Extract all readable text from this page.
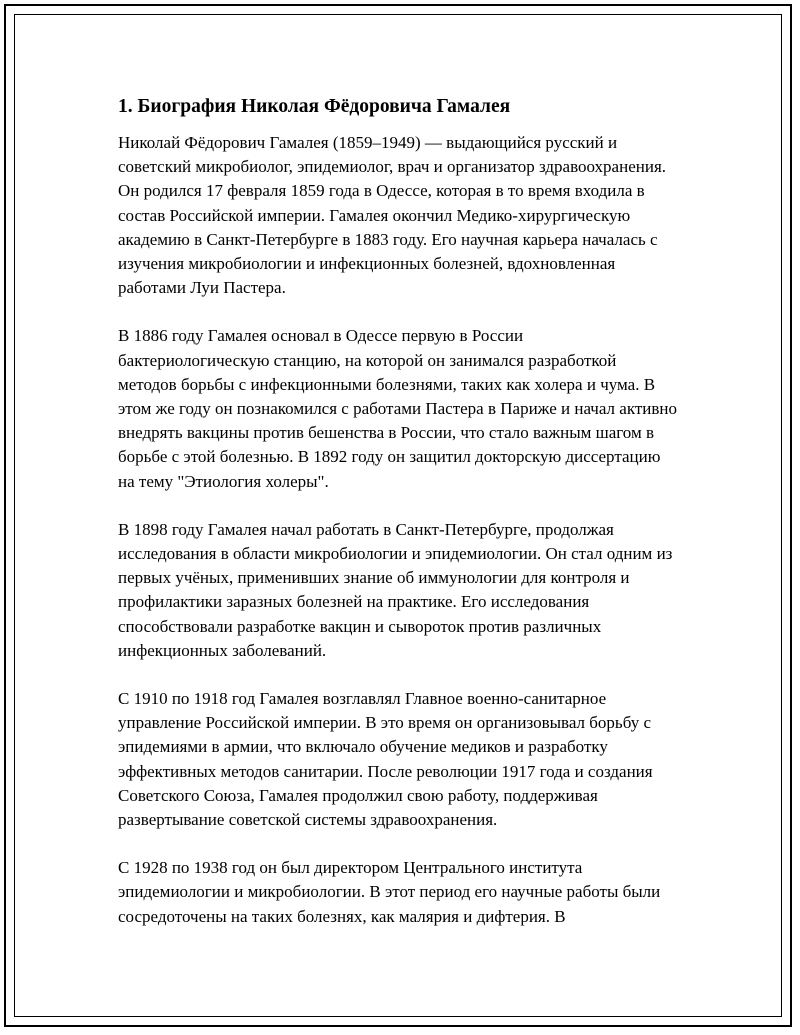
1. Биография Николая Фёдоровича Гамалея

Николай Фёдорович Гамалея (1859–1949) — выдающийся русский и советский микробиолог, эпидемиолог, врач и организатор здравоохранения. Он родился 17 февраля 1859 года в Одессе, которая в то время входила в состав Российской империи. Гамалея окончил Медико-хирургическую академию в Санкт-Петербурге в 1883 году. Его научная карьера началась с изучения микробиологии и инфекционных болезней, вдохновленная работами Луи Пастера.

В 1886 году Гамалея основал в Одессе первую в России бактериологическую станцию, на которой он занимался разработкой методов борьбы с инфекционными болезнями, таких как холера и чума. В этом же году он познакомился с работами Пастера в Париже и начал активно внедрять вакцины против бешенства в России, что стало важным шагом в борьбе с этой болезнью. В 1892 году он защитил докторскую диссертацию на тему "Этиология холеры".

В 1898 году Гамалея начал работать в Санкт-Петербурге, продолжая исследования в области микробиологии и эпидемиологии. Он стал одним из первых учёных, применивших знание об иммунологии для контроля и профилактики заразных болезней на практике. Его исследования способствовали разработке вакцин и сывороток против различных инфекционных заболеваний.

С 1910 по 1918 год Гамалея возглавлял Главное военно-санитарное управление Российской империи. В это время он организовывал борьбу с эпидемиями в армии, что включало обучение медиков и разработку эффективных методов санитарии. После революции 1917 года и создания Советского Союза, Гамалея продолжил свою работу, поддерживая развертывание советской системы здравоохранения.

С 1928 по 1938 год он был директором Центрального института эпидемиологии и микробиологии. В этот период его научные работы были сосредоточены на таких болезнях, как малярия и дифтерия. В
